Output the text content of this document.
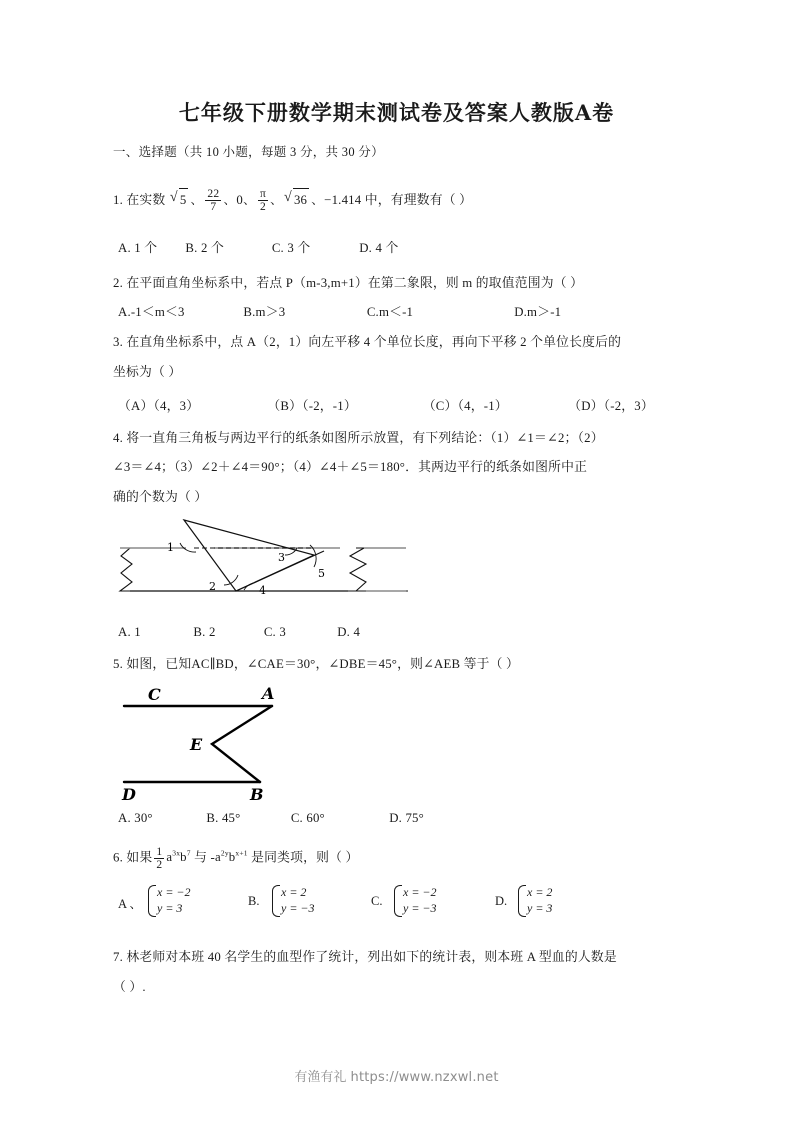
七年级下册数学期末测试卷及答案人教版A卷
一、选择题（共 10 小题，每题 3 分，共 30 分）
1. 在实数 √ 5 、 $\frac{22}{7}$ 、0、 $\frac{\pi}{2}$ 、 √ 36 、−1.414 中，有理数有（ ）
A. 1 个 B. 2 个	C. 3 个	D. 4 个
2. 在平面直角坐标系中，若点 P（m-3,m+1）在第二象限，则 m 的取值范围为（ ）
A.-1＜m＜3	B.m＞3	C.m＜-1	D.m＞-1
3. 在直角坐标系中，点 A（2，1）向左平移 4 个单位长度，再向下平移 2 个单位长度后的
坐标为（ ）
（A）（4，3）	（B）（-2，-1）	（C）（4，-1）	（D）（-2，3）
4. 将一直角三角板与两边平行的纸条如图所示放置，有下列结论：（1）∠1＝∠2；（2）
∠3＝∠4；（3）∠2＋∠4＝90°；（4）∠4＋∠5＝180°．其两边平行的纸条如图所中正
确的个数为（ ）
1
2
3
4
5
A. 1	B. 2	C. 3	D. 4
5. 如图，已知AC∥BD，∠CAE＝30°，∠DBE＝45°，则∠AEB 等于（ ）
C	A
E
D	B
A. 30°	B. 45°	C. 60°	D. 75°
6. 如果 $\frac{1}{2} a^{3x}b^7$ 与 $-a^{2y}b^{x+1}$ 是同类项，则（ ）
A 、
x = −2
y = 3	B.
x = 2
y = −3	C.
x = −2
y = −3	D.
x = 2
y = 3
7. 林老师对本班 40 名学生的血型作了统计，列出如下的统计表，则本班 A 型血的人数是
（ ）.
有渔有礼 https://www.nzxwl.net
